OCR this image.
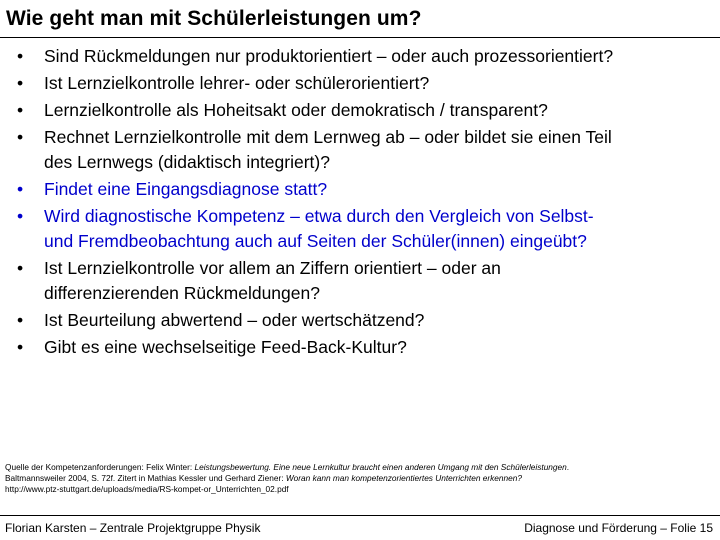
Wie geht man mit Schülerleistungen um?
•	Sind Rückmeldungen nur produktorientiert – oder auch prozessorientiert?
•	Ist Lernzielkontrolle lehrer- oder schülerorientiert?
•	Lernzielkontrolle als Hoheitsakt oder demokratisch / transparent?
•	Rechnet Lernzielkontrolle mit dem Lernweg ab – oder bildet sie einen Teil
des Lernwegs (didaktisch integriert)?
•	Findet eine Eingangsdiagnose statt?
•	Wird diagnostische Kompetenz – etwa durch den Vergleich von Selbst-
und Fremdbeobachtung auch auf Seiten der Schüler(innen) eingeübt?
•	Ist Lernzielkontrolle vor allem an Ziffern orientiert – oder an
differenzierenden Rückmeldungen?
•	Ist Beurteilung abwertend – oder wertschätzend?
•	Gibt es eine wechselseitige Feed-Back-Kultur?
Quelle der Kompetenzanforderungen: Felix Winter: Leistungsbewertung. Eine neue Lernkultur braucht einen anderen Umgang mit den Schülerleistungen.
Baltmannsweiler 2004, S. 72f. Zitert in Mathias Kessler und Gerhard Ziener: Woran kann man kompetenzorientiertes Unterrichten erkennen?
http://www.ptz-stuttgart.de/uploads/media/RS-kompet-or_Unterrichten_02.pdf
Florian Karsten – Zentrale Projektgruppe Physik	Diagnose und Förderung – Folie 15
